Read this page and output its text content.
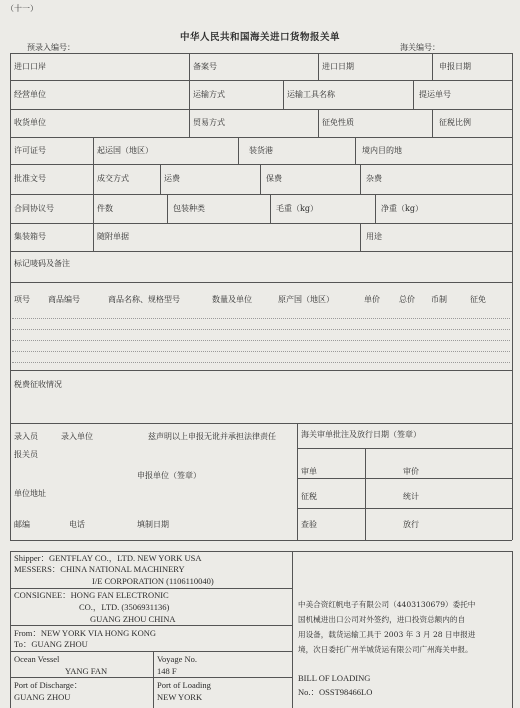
（十一）
中华人民共和国海关进口货物报关单
预录入编号：	海关编号：
进口口岸	备案号	进口日期	申报日期
经营单位	运输方式	运输工具名称	提运单号
收货单位	贸易方式	征免性质	征税比例
许可证号	起运国（地区）	装货港	境内目的地
批准文号	成交方式	运费	保费	杂费
合同协议号	件数	包装种类	毛重（kg）	净重（kg）
集装箱号	随附单据	用途
标记唛码及备注
项号 商品编号	商品名称、规格型号	数量及单位	原产国（地区）	单价 总价 币制	征免
税费征收情况
录入员	录入单位	兹声明以上申报无讹并承担法律责任	海关审单批注及放行日期（签章）
报关员
申报单位（签章）	审单	审价
单位地址	征税	统计
邮编	电话	填制日期	查验	放行
Shipper：GENTFLAY CO.，LTD. NEW YORK USA
MESSERS：CHINA NATIONAL MACHINERY
I/E CORPORATION (1106110040)
CONSIGNEE：HONG FAN ELECTRONIC
CO.，LTD. (3506931136)
GUANG ZHOU CHINA
From：NEW YORK VIA HONG KONG
To：GUANG ZHOU
Ocean Vessel
YANG FAN
Voyage No.
148 F
Port of Discharge：
GUANG ZHOU
Port of Loading
NEW YORK
中美合资红帆电子有限公司（4403130679）委托中
国机械进出口公司对外签约，进口投资总额内的自
用设备，载货运输工具于 2003 年 3 月 28 日申报进
境，次日委托广州羊城货运有限公司广州海关申报。
BILL OF LOADING
No.：OSST98466LO
